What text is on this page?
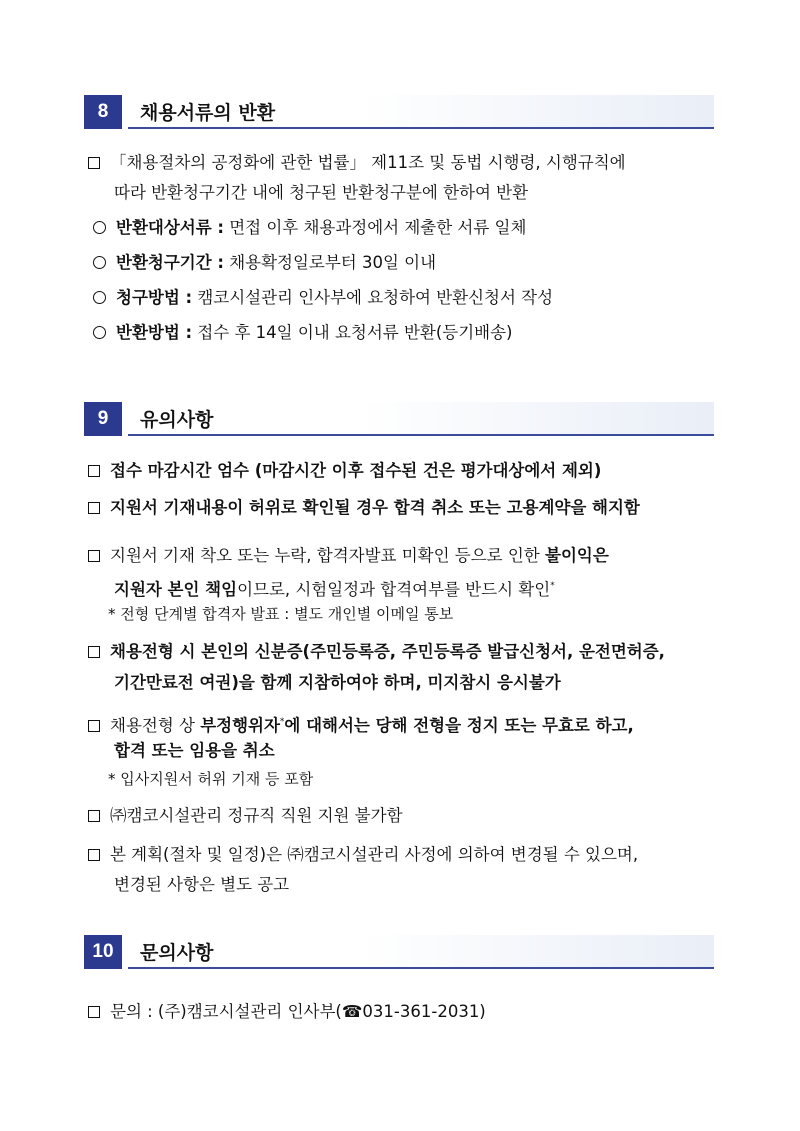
8	채용서류의 반환
「채용절차의 공정화에 관한 법률」 제11조 및 동법 시행령, 시행규칙에
따라 반환청구기간 내에 청구된 반환청구분에 한하여 반환
반환대상서류 : 면접 이후 채용과정에서 제출한 서류 일체
반환청구기간 : 채용확정일로부터 30일 이내
청구방법 : 캠코시설관리 인사부에 요청하여 반환신청서 작성
반환방법 : 접수 후 14일 이내 요청서류 반환(등기배송)
9	유의사항
접수 마감시간 엄수 (마감시간 이후 접수된 건은 평가대상에서 제외)
지원서 기재내용이 허위로 확인될 경우 합격 취소 또는 고용계약을 해지함
지원서 기재 착오 또는 누락, 합격자발표 미확인 등으로 인한 불이익은
지원자 본인 책임이므로, 시험일정과 합격여부를 반드시 확인*
* 전형 단계별 합격자 발표 : 별도 개인별 이메일 통보
채용전형 시 본인의 신분증(주민등록증, 주민등록증 발급신청서, 운전면허증,
기간만료전 여권)을 함께 지참하여야 하며, 미지참시 응시불가
채용전형 상 부정행위자*에 대해서는 당해 전형을 정지 또는 무효로 하고,
합격 또는 임용을 취소
* 입사지원서 허위 기재 등 포함
㈜캠코시설관리 정규직 직원 지원 불가함
본 계획(절차 및 일정)은 ㈜캠코시설관리 사정에 의하여 변경될 수 있으며,
변경된 사항은 별도 공고
10	문의사항
문의 : (주)캠코시설관리 인사부(☎031-361-2031)
